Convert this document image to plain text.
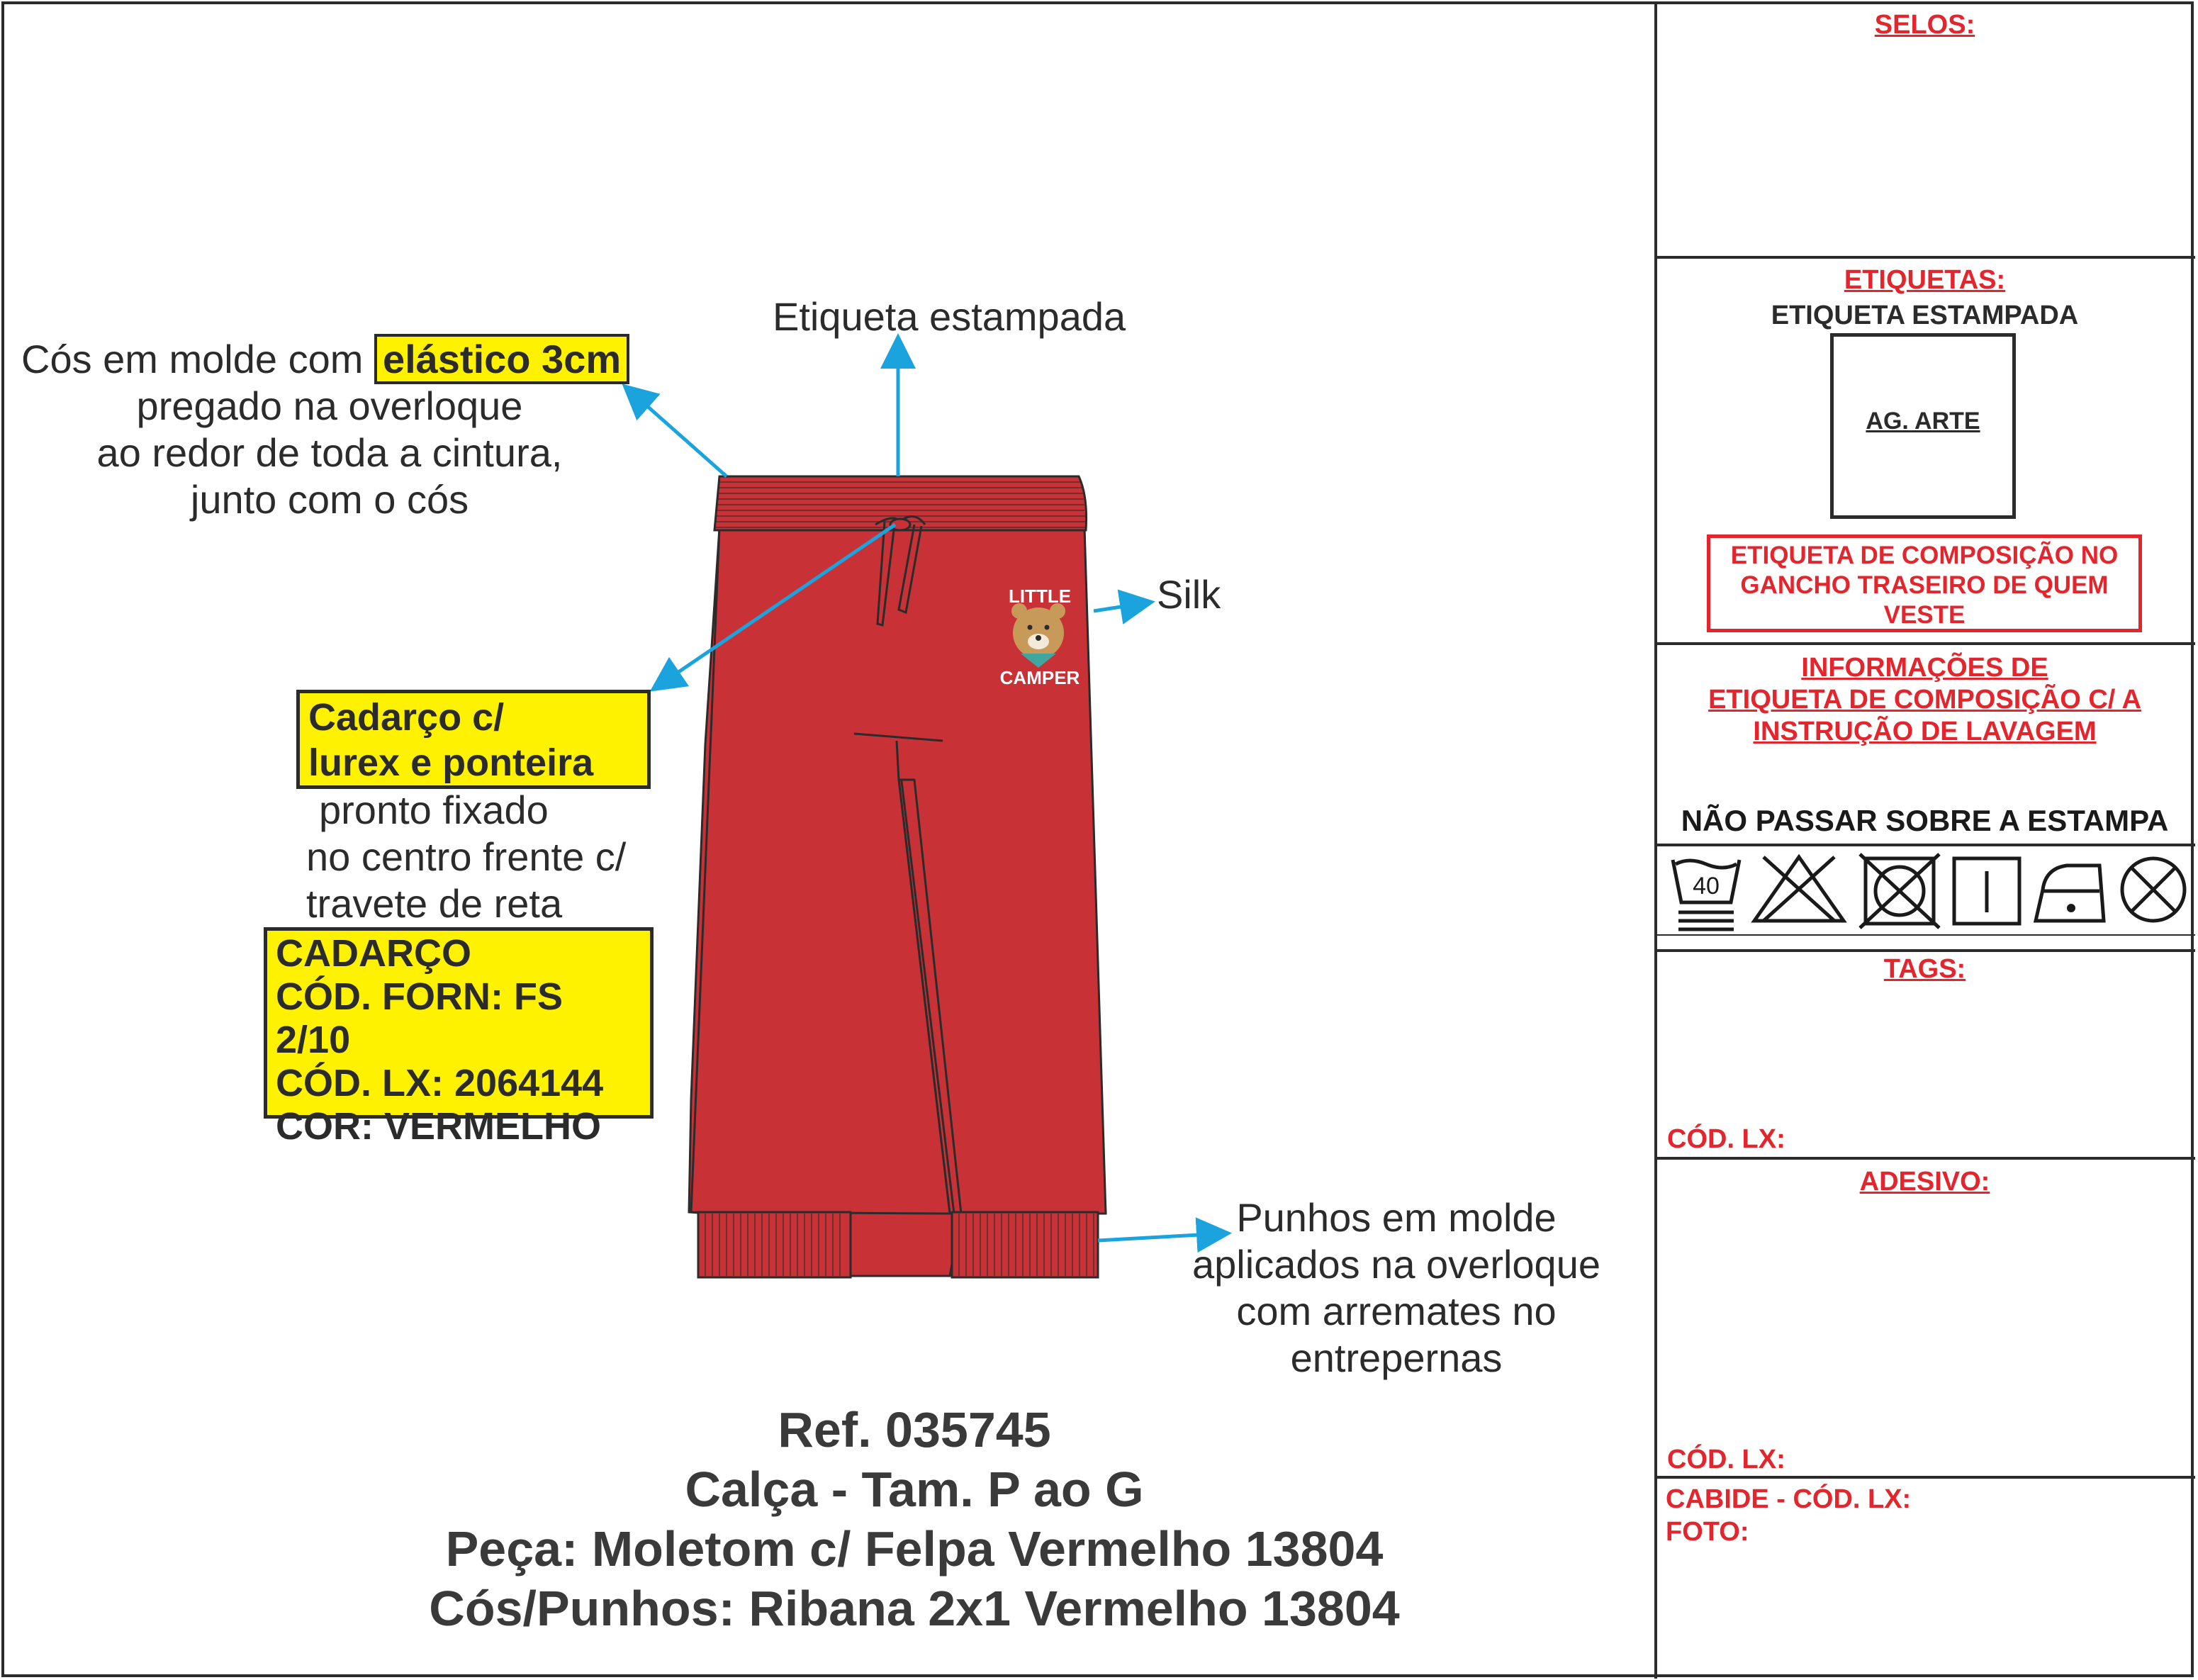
LITTLE
CAMPER
Etiqueta estampada
Cós em molde com elástico 3cm
pregado na overloque
ao redor de toda a cintura,
junto com o cós
Silk
Cadarço c/
lurex e ponteira
pronto fixado
no centro frente c/
travete de reta
CADARÇO
CÓD. FORN: FS 2/10
CÓD. LX: 2064144
COR: VERMELHO
Punhos em molde
aplicados na overloque
com arremates no
entrepernas
Ref. 035745
Calça - Tam. P ao G
Peça: Moletom c/ Felpa Vermelho 13804
Cós/Punhos: Ribana 2x1 Vermelho 13804
SELOS:
ETIQUETAS:
ETIQUETA ESTAMPADA
AG. ARTE
ETIQUETA DE COMPOSIÇÃO NO
GANCHO TRASEIRO DE QUEM
VESTE
INFORMAÇÕES DE
ETIQUETA DE COMPOSIÇÃO C/ A
INSTRUÇÃO DE LAVAGEM
NÃO PASSAR SOBRE A ESTAMPA
40
TAGS:
CÓD. LX:
ADESIVO:
CÓD. LX:
CABIDE - CÓD. LX:
FOTO:
